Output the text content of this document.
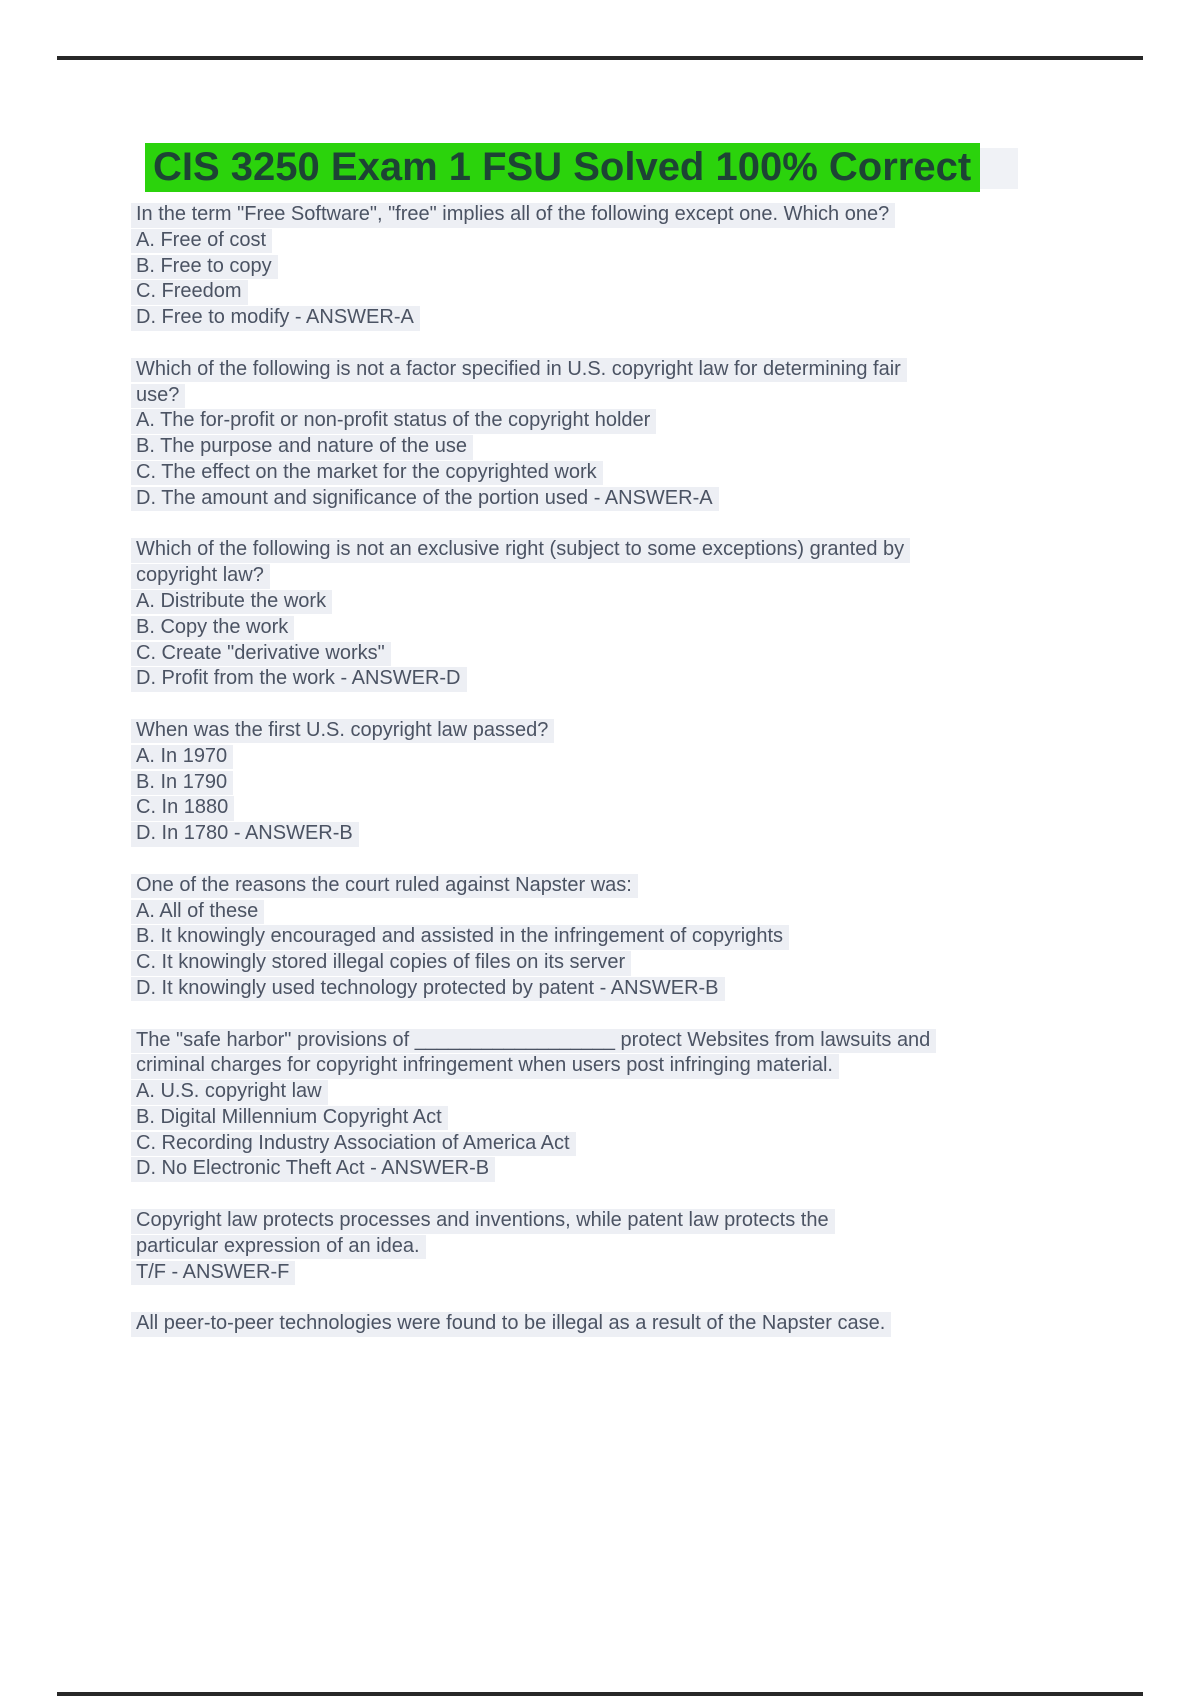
CIS 3250 Exam 1 FSU Solved 100% Correct
In the term "Free Software", "free" implies all of the following except one. Which one?
A. Free of cost
B. Free to copy
C. Freedom
D. Free to modify - ANSWER-A
Which of the following is not a factor specified in U.S. copyright law for determining fair
use?
A. The for-profit or non-profit status of the copyright holder
B. The purpose and nature of the use
C. The effect on the market for the copyrighted work
D. The amount and significance of the portion used - ANSWER-A
Which of the following is not an exclusive right (subject to some exceptions) granted by
copyright law?
A. Distribute the work
B. Copy the work
C. Create "derivative works"
D. Profit from the work - ANSWER-D
When was the first U.S. copyright law passed?
A. In 1970
B. In 1790
C. In 1880
D. In 1780 - ANSWER-B
One of the reasons the court ruled against Napster was:
A. All of these
B. It knowingly encouraged and assisted in the infringement of copyrights
C. It knowingly stored illegal copies of files on its server
D. It knowingly used technology protected by patent - ANSWER-B
The "safe harbor" provisions of __________________ protect Websites from lawsuits and
criminal charges for copyright infringement when users post infringing material.
A. U.S. copyright law
B. Digital Millennium Copyright Act
C. Recording Industry Association of America Act
D. No Electronic Theft Act - ANSWER-B
Copyright law protects processes and inventions, while patent law protects the
particular expression of an idea.
T/F - ANSWER-F
All peer-to-peer technologies were found to be illegal as a result of the Napster case.
